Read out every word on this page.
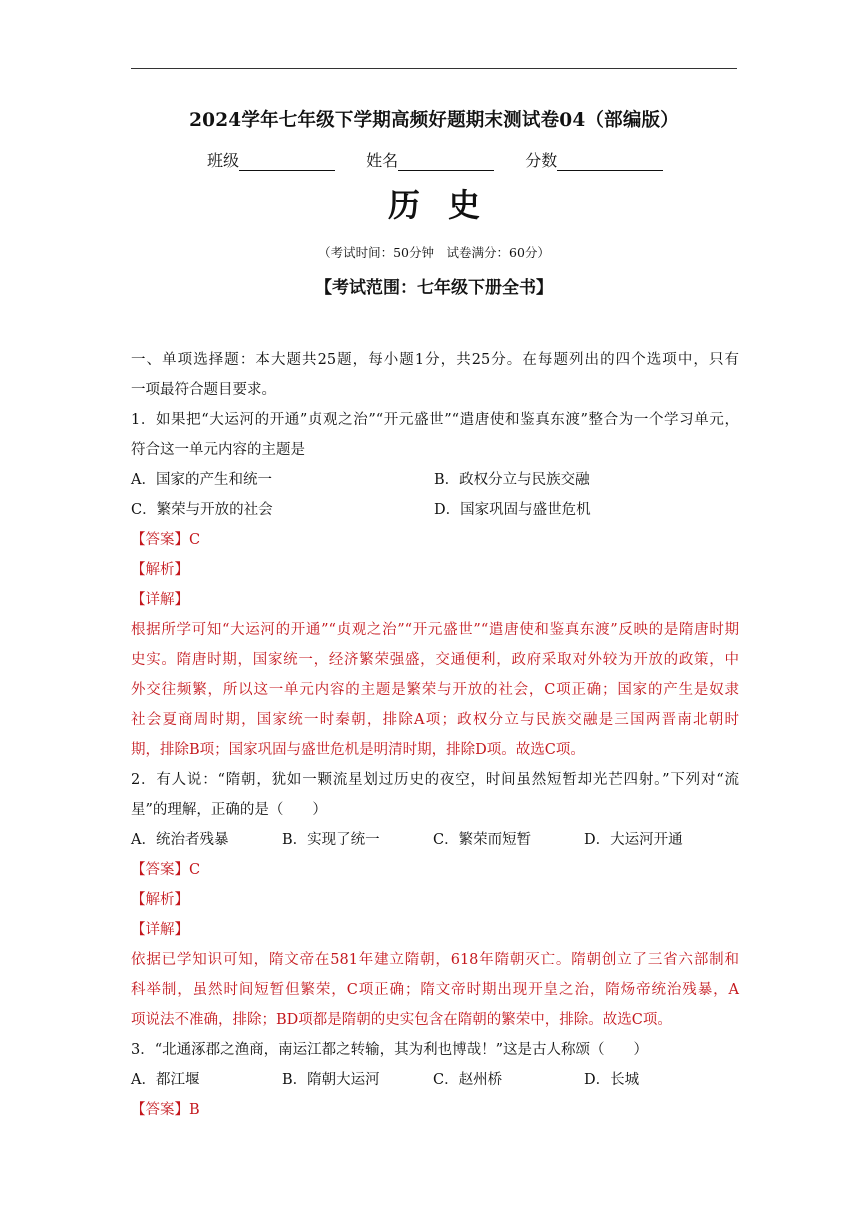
2024学年七年级下学期高频好题期末测试卷04（部编版）
班级	姓名	分数
历史
（考试时间：50分钟　试卷满分：60分）
【考试范围：七年级下册全书】
一、单项选择题：本大题共25题，每小题1分，共25分。在每题列出的四个选项中，只有
一项最符合题目要求。
1．如果把“大运河的开通”贞观之治”“开元盛世”“遣唐使和鉴真东渡”整合为一个学习单元，
符合这一单元内容的主题是
A．国家的产生和统一	B．政权分立与民族交融
C．繁荣与开放的社会	D．国家巩固与盛世危机
【答案】C
【解析】
【详解】
根据所学可知“大运河的开通”“贞观之治”“开元盛世”“遣唐使和鉴真东渡”反映的是隋唐时期
史实。隋唐时期，国家统一，经济繁荣强盛，交通便利，政府采取对外较为开放的政策，中
外交往频繁，所以这一单元内容的主题是繁荣与开放的社会，C项正确；国家的产生是奴隶
社会夏商周时期，国家统一时秦朝，排除A项；政权分立与民族交融是三国两晋南北朝时
期，排除B项；国家巩固与盛世危机是明清时期，排除D项。故选C项。
2．有人说：“隋朝，犹如一颗流星划过历史的夜空，时间虽然短暂却光芒四射。”下列对“流
星”的理解，正确的是（　　）
A．统治者残暴	B．实现了统一	C．繁荣而短暂	D．大运河开通
【答案】C
【解析】
【详解】
依据已学知识可知，隋文帝在581年建立隋朝，618年隋朝灭亡。隋朝创立了三省六部制和
科举制，虽然时间短暂但繁荣，C项正确；隋文帝时期出现开皇之治，隋炀帝统治残暴，A
项说法不准确，排除；BD项都是隋朝的史实包含在隋朝的繁荣中，排除。故选C项。
3．“北通涿郡之渔商，南运江都之转输，其为利也博哉！”这是古人称颂（　　）
A．都江堰	B．隋朝大运河	C．赵州桥	D．长城
【答案】B
